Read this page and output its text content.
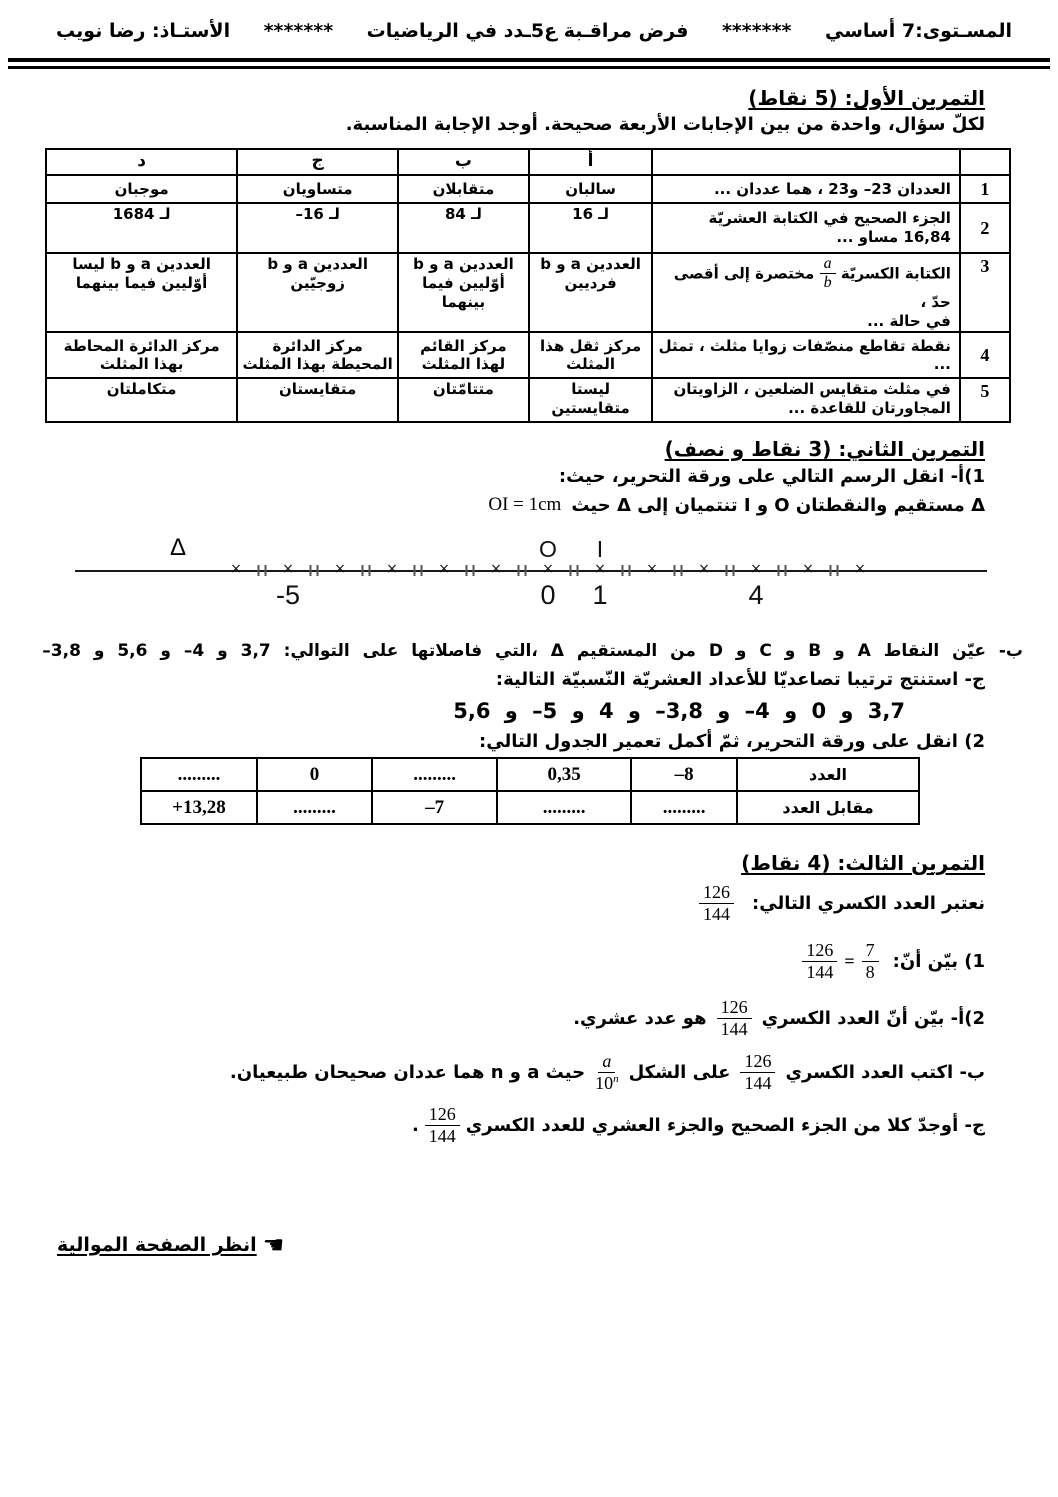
المسـتوى:7 أساسي
*******
فرض مراقـبة ع5ـدد في الرياضيات
*******
الأستـاذ: رضا نويب
التمرين الأول: (5 نقاط)
لكلّ سؤال، واحدة من بين الإجابات الأربعة صحيحة. أوجد الإجابة المناسبة.
		أ	ب	ج	د
1	العددان ‎–23 و23 ، هما عددان ...	سالبان	متقابلان	متساويان	موجبان
2	الجزء الصحيح في الكتابة العشريّة 16,84 مساو ...	لـ 16	لـ 84	لـ ‎–16	لـ 1684
3	الكتابة الكسريّة
$\frac{a}{b}$
مختصرة إلى أقصى حدّ ،
في حالة ...	العددين a و b فرديين	العددين a و b أوّليين فيما بينهما	العددين a و b زوجيّين	العددين a و b ليسا أوّليين فيما بينهما
4	نقطة تقاطع منصّفات زوايا مثلث ، تمثل ...	مركز ثقل هذا المثلث	مركز القائم لهذا المثلث	مركز الدائرة المحيطة بهذا المثلث	مركز الدائرة المحاطة بهذا المثلث
5	في مثلث متقايس الضلعين ، الزاويتان المجاورتان للقاعدة ...	ليستا متقايستين	متتامّتان	متقايستان	متكاملتان
التمرين الثاني: (3 نقاط و نصف)
1)أ- انقل الرسم التالي على ورقة التحرير، حيث:
Δ مستقيم والنقطتان O و I تنتميان إلى Δ حيث
OI = 1cm
Δ
×	×	×	×	×	×	×	×	×	×	×	×	×
-5	0 1	4
O I
ب- عيّن النقاط A و B و C و D من المستقيم Δ ،التي فاصلاتها على التوالي: 3,7 و ‎–4 و 5,6 و ‎–3,8
ج- استنتج ترتيبا تصاعديّا للأعداد العشريّة النّسبيّة التالية:
3,7 و 0 و ‎–4 و ‎–3,8 و 4 و ‎–5 و 5,6
2) انقل على ورقة التحرير، ثمّ أكمل تعمير الجدول التالي:
العدد	–8	0,35	.........	0	.........
مقابل العدد	.........	.........	–7	.........	+13,28
التمرين الثالث: (4 نقاط)
نعتبر العدد الكسري التالي:
$\frac{126}{144}$
1) بيّن أنّ:
$\frac{126}{144} = \frac{7}{8}$
2)أ- بيّن أنّ العدد الكسري
$\frac{126}{144}$
هو عدد عشري.
ب- اكتب العدد الكسري
$\frac{126}{144}$
على الشكل
$\frac{a}{10^n}$
حيث a و n هما عددان صحيحان طبيعيان.
ج- أوجدّ كلا من الجزء الصحيح والجزء العشري للعدد الكسري
$\frac{126}{144}$
.
☚
انظر الصفحة الموالية
